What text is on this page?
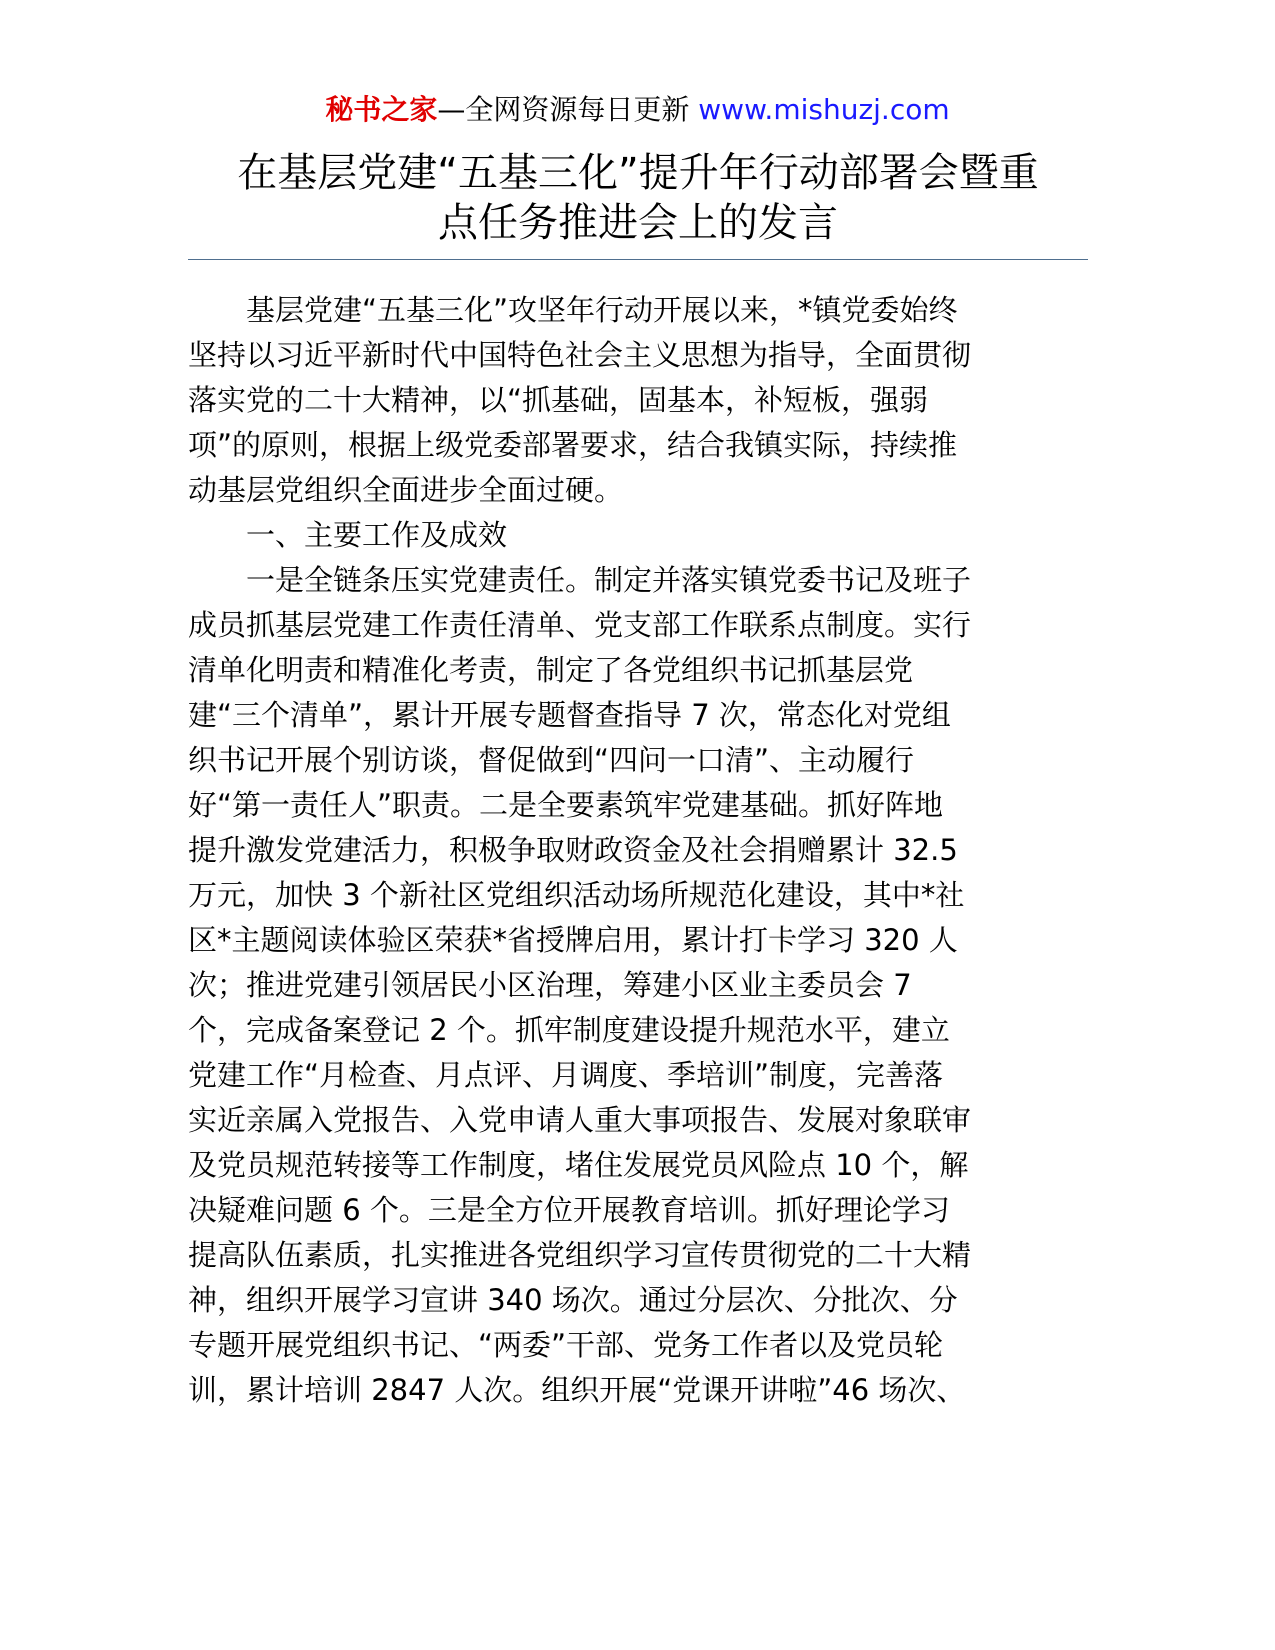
秘书之家—全网资源每日更新 www.mishuzj.com
在基层党建“五基三化”提升年行动部署会暨重
点任务推进会上的发言
基层党建“五基三化”攻坚年行动开展以来，*镇党委始终
坚持以习近平新时代中国特色社会主义思想为指导，全面贯彻
落实党的二十大精神，以“抓基础，固基本，补短板，强弱
项”的原则，根据上级党委部署要求，结合我镇实际，持续推
动基层党组织全面进步全面过硬。
一、主要工作及成效
一是全链条压实党建责任。制定并落实镇党委书记及班子
成员抓基层党建工作责任清单、党支部工作联系点制度。实行
清单化明责和精准化考责，制定了各党组织书记抓基层党
建“三个清单”，累计开展专题督查指导 7 次，常态化对党组
织书记开展个别访谈，督促做到“四问一口清”、主动履行
好“第一责任人”职责。二是全要素筑牢党建基础。抓好阵地
提升激发党建活力，积极争取财政资金及社会捐赠累计 32.5
万元，加快 3 个新社区党组织活动场所规范化建设，其中*社
区*主题阅读体验区荣获*省授牌启用，累计打卡学习 320 人
次；推进党建引领居民小区治理，筹建小区业主委员会 7
个，完成备案登记 2 个。抓牢制度建设提升规范水平，建立
党建工作“月检查、月点评、月调度、季培训”制度，完善落
实近亲属入党报告、入党申请人重大事项报告、发展对象联审
及党员规范转接等工作制度，堵住发展党员风险点 10 个，解
决疑难问题 6 个。三是全方位开展教育培训。抓好理论学习
提高队伍素质，扎实推进各党组织学习宣传贯彻党的二十大精
神，组织开展学习宣讲 340 场次。通过分层次、分批次、分
专题开展党组织书记、“两委”干部、党务工作者以及党员轮
训，累计培训 2847 人次。组织开展“党课开讲啦”46 场次、
